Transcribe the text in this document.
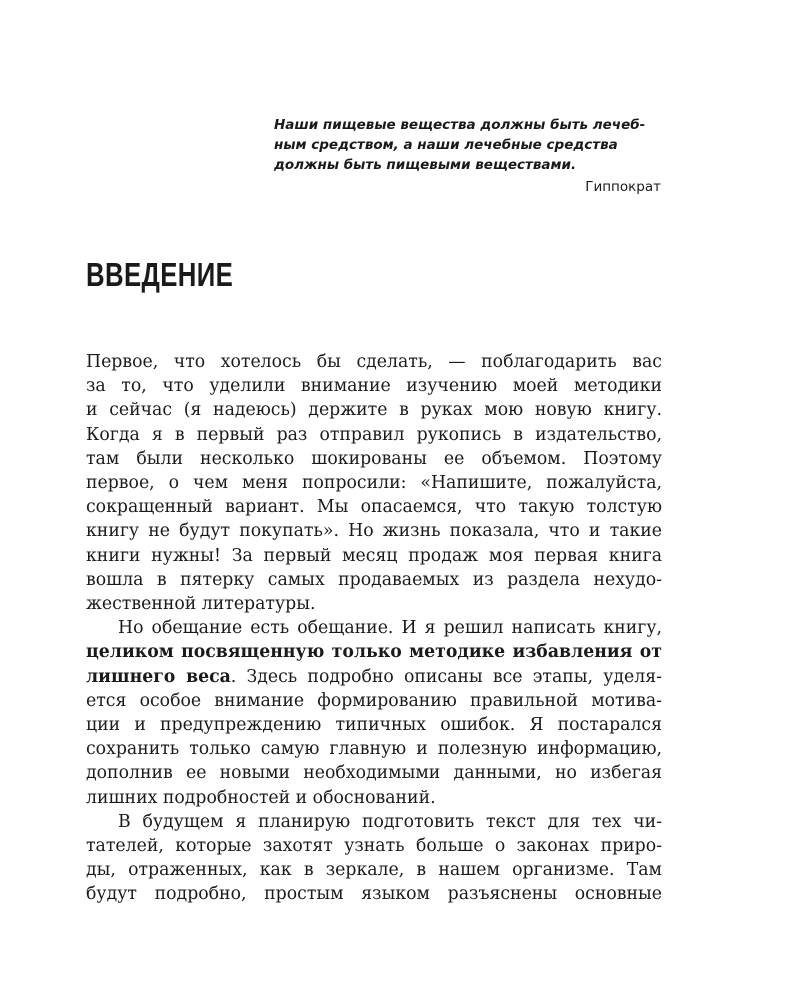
Наши пищевые вещества должны быть лечеб-
ным средством, а наши лечебные средства
должны быть пищевыми веществами.
Гиппократ
ВВЕДЕНИЕ
Первое, что хотелось бы сделать, — поблагодарить вас
за то, что уделили внимание изучению моей методики
и сейчас (я надеюсь) держите в руках мою новую книгу.
Когда я в первый раз отправил рукопись в издательство,
там были несколько шокированы ее объемом. Поэтому
первое, о чем меня попросили: «Напишите, пожалуйста,
сокращенный вариант. Мы опасаемся, что такую толстую
книгу не будут покупать». Но жизнь показала, что и такие
книги нужны! За первый месяц продаж моя первая книга
вошла в пятерку самых продаваемых из раздела нехудо-
жественной литературы.
Но обещание есть обещание. И я решил написать книгу,
целиком посвященную только методике избавления от
лишнего веса. Здесь подробно описаны все этапы, уделя-
ется особое внимание формированию правильной мотива-
ции и предупреждению типичных ошибок. Я постарался
сохранить только самую главную и полезную информацию,
дополнив ее новыми необходимыми данными, но избегая
лишних подробностей и обоснований.
В будущем я планирую подготовить текст для тех чи-
тателей, которые захотят узнать больше о законах приро-
ды, отраженных, как в зеркале, в нашем организме. Там
будут подробно, простым языком разъяснены основные
